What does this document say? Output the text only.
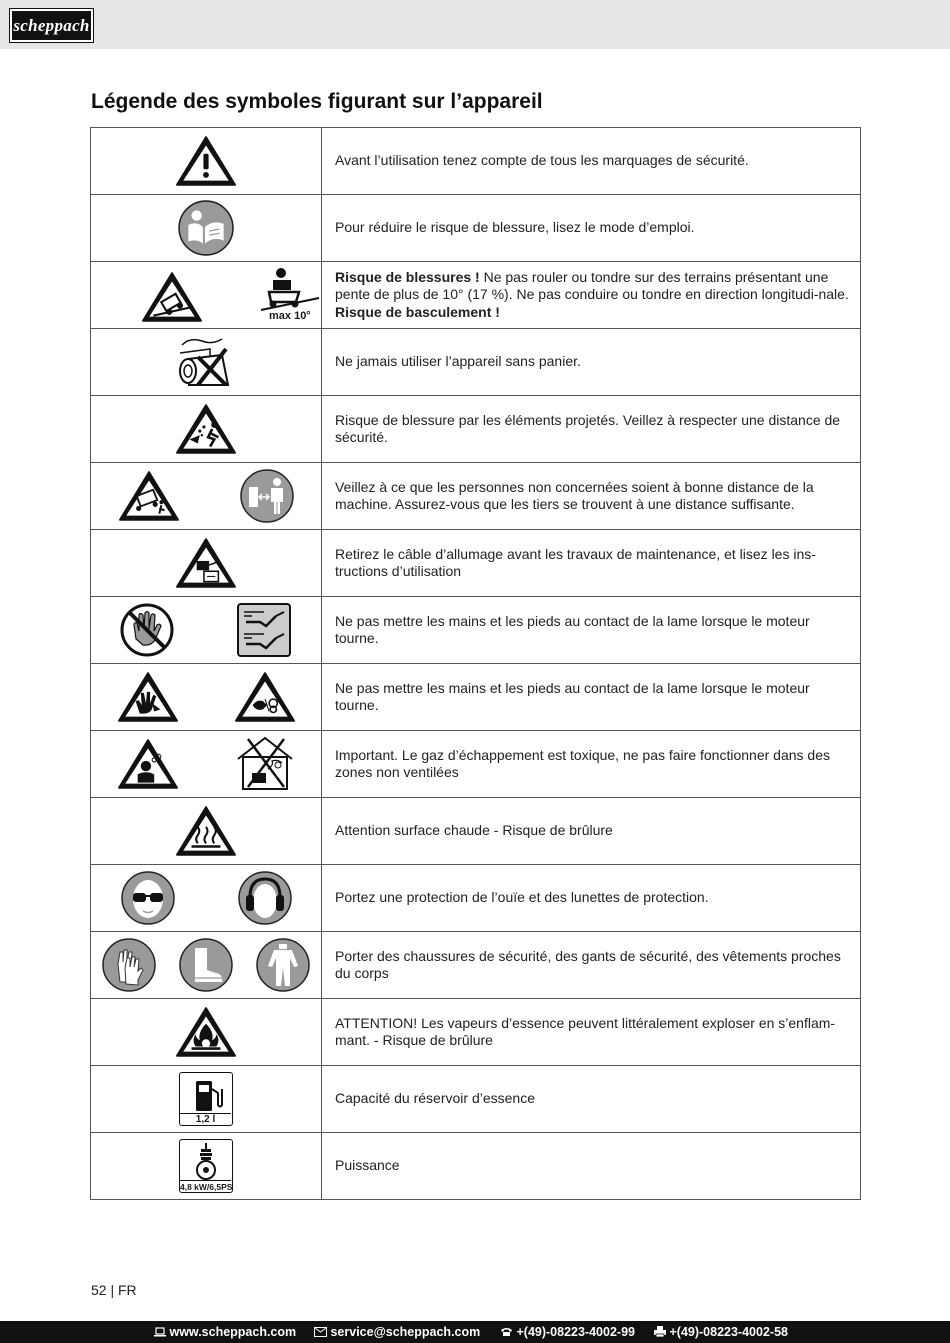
scheppach
Légende des symboles figurant sur l’appareil
	Avant l’utilisation tenez compte de tous les marquages de sécurité.

	Pour réduire le risque de blessure, lisez le mode d’emploi.

max 10°	Risque de blessures ! Ne pas rouler ou tondre sur des terrains présentant une pente de plus de 10° (17 %). Ne pas conduire ou tondre en direction longitudi-nale. Risque de basculement !

	Ne jamais utiliser l’appareil sans panier.

	Risque de blessure par les éléments projetés. Veillez à respecter une distance de sécurité.

	Veillez à ce que les personnes non concernées soient à bonne distance de la machine. Assurez-vous que les tiers se trouvent à une distance suffisante.

	Retirez le câble d’allumage avant les travaux de maintenance, et lisez les ins-tructions d’utilisation

	Ne pas mettre les mains et les pieds au contact de la lame lorsque le moteur tourne.

	Ne pas mettre les mains et les pieds au contact de la lame lorsque le moteur tourne.

	Important. Le gaz d’échappement est toxique, ne pas faire fonctionner dans des zones non ventilées

	Attention surface chaude - Risque de brûlure

	Portez une protection de l’ouïe et des lunettes de protection.

	Porter des chaussures de sécurité, des gants de sécurité, des vêtements proches du corps

	ATTENTION! Les vapeurs d’essence peuvent littéralement exploser en s’enflam-mant. - Risque de brûlure

1,2 l	Capacité du réservoir d’essence

4,8 kW/6,5PS	Puissance
52 | FR
www.scheppach.com	service@scheppach.com	+(49)-08223-4002-99	+(49)-08223-4002-58
